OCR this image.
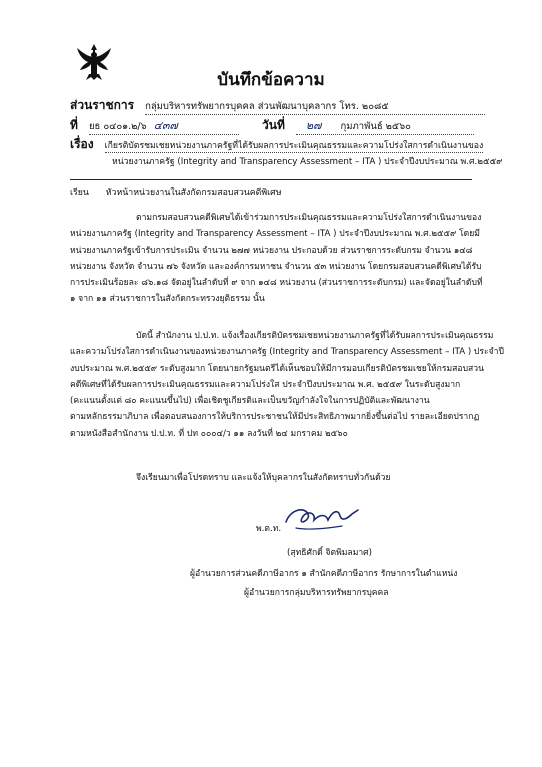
บันทึกข้อความ
ส่วนราชการ กลุ่มบริหารทรัพยากรบุคคล ส่วนพัฒนาบุคลากร โทร. ๒๐๘๕
ที่ ยธ ๐๔๐๑.๒/๖ ๔๓๗	วันที่ ๒๗ กุมภาพันธ์ ๒๕๖๐
เรื่อง เกียรติบัตรชมเชยหน่วยงานภาครัฐที่ได้รับผลการประเมินคุณธรรมและความโปร่งใสการดำเนินงานของ
หน่วยงานภาครัฐ (Integrity and Transparency Assessment – ITA ) ประจำปีงบประมาณ พ.ศ.๒๕๕๙
เรียน หัวหน้าหน่วยงานในสังกัดกรมสอบสวนคดีพิเศษ
ตามกรมสอบสวนคดีพิเศษได้เข้าร่วมการประเมินคุณธรรมและความโปร่งใสการดำเนินงานของ
หน่วยงานภาครัฐ (Integrity and Transparency Assessment – ITA ) ประจำปีงบประมาณ พ.ศ.๒๕๕๙ โดยมี
หน่วยงานภาครัฐเข้ารับการประเมิน จำนวน ๒๗๗ หน่วยงาน ประกอบด้วย ส่วนราชการระดับกรม จำนวน ๑๔๘
หน่วยงาน จังหวัด จำนวน ๗๖ จังหวัด และองค์การมหาชน จำนวน ๕๓ หน่วยงาน โดยกรมสอบสวนคดีพิเศษได้รับ
การประเมินร้อยละ ๘๖.๑๘ จัดอยู่ในลำดับที่ ๙ จาก ๑๔๘ หน่วยงาน (ส่วนราชการระดับกรม) และจัดอยู่ในลำดับที่
๑ จาก ๑๑ ส่วนราชการในสังกัดกระทรวงยุติธรรม นั้น
บัดนี้ สำนักงาน ป.ป.ท. แจ้งเรื่องเกียรติบัตรชมเชยหน่วยงานภาครัฐที่ได้รับผลการประเมินคุณธรรม
และความโปร่งใสการดำเนินงานของหน่วยงานภาครัฐ (Integrity and Transparency Assessment – ITA ) ประจำปี
งบประมาณ พ.ศ.๒๕๕๙ ระดับสูงมาก โดยนายกรัฐมนตรีได้เห็นชอบให้มีการมอบเกียรติบัตรชมเชยให้กรมสอบสวน
คดีพิเศษที่ได้รับผลการประเมินคุณธรรมและความโปร่งใส ประจำปีงบประมาณ พ.ศ. ๒๕๕๙ ในระดับสูงมาก
(คะแนนตั้งแต่ ๘๐ คะแนนขึ้นไป) เพื่อเชิดชูเกียรติและเป็นขวัญกำลังใจในการปฏิบัติและพัฒนางาน
ตามหลักธรรมาภิบาล เพื่อตอบสนองการให้บริการประชาชนให้มีประสิทธิภาพมากยิ่งขึ้นต่อไป รายละเอียดปรากฏ
ตามหนังสือสำนักงาน ป.ป.ท. ที่ ปท ๐๐๐๔/ว ๑๑ ลงวันที่ ๒๔ มกราคม ๒๕๖๐
จึงเรียนมาเพื่อโปรดทราบ และแจ้งให้บุคลากรในสังกัดทราบทั่วกันด้วย
พ.ต.ท.
(สุทธิศักดิ์ จิตพิมลมาศ)
ผู้อำนวยการส่วนคดีภาษีอากร ๑ สำนักคดีภาษีอากร รักษาการในตำแหน่ง
ผู้อำนวยการกลุ่มบริหารทรัพยากรบุคคล
